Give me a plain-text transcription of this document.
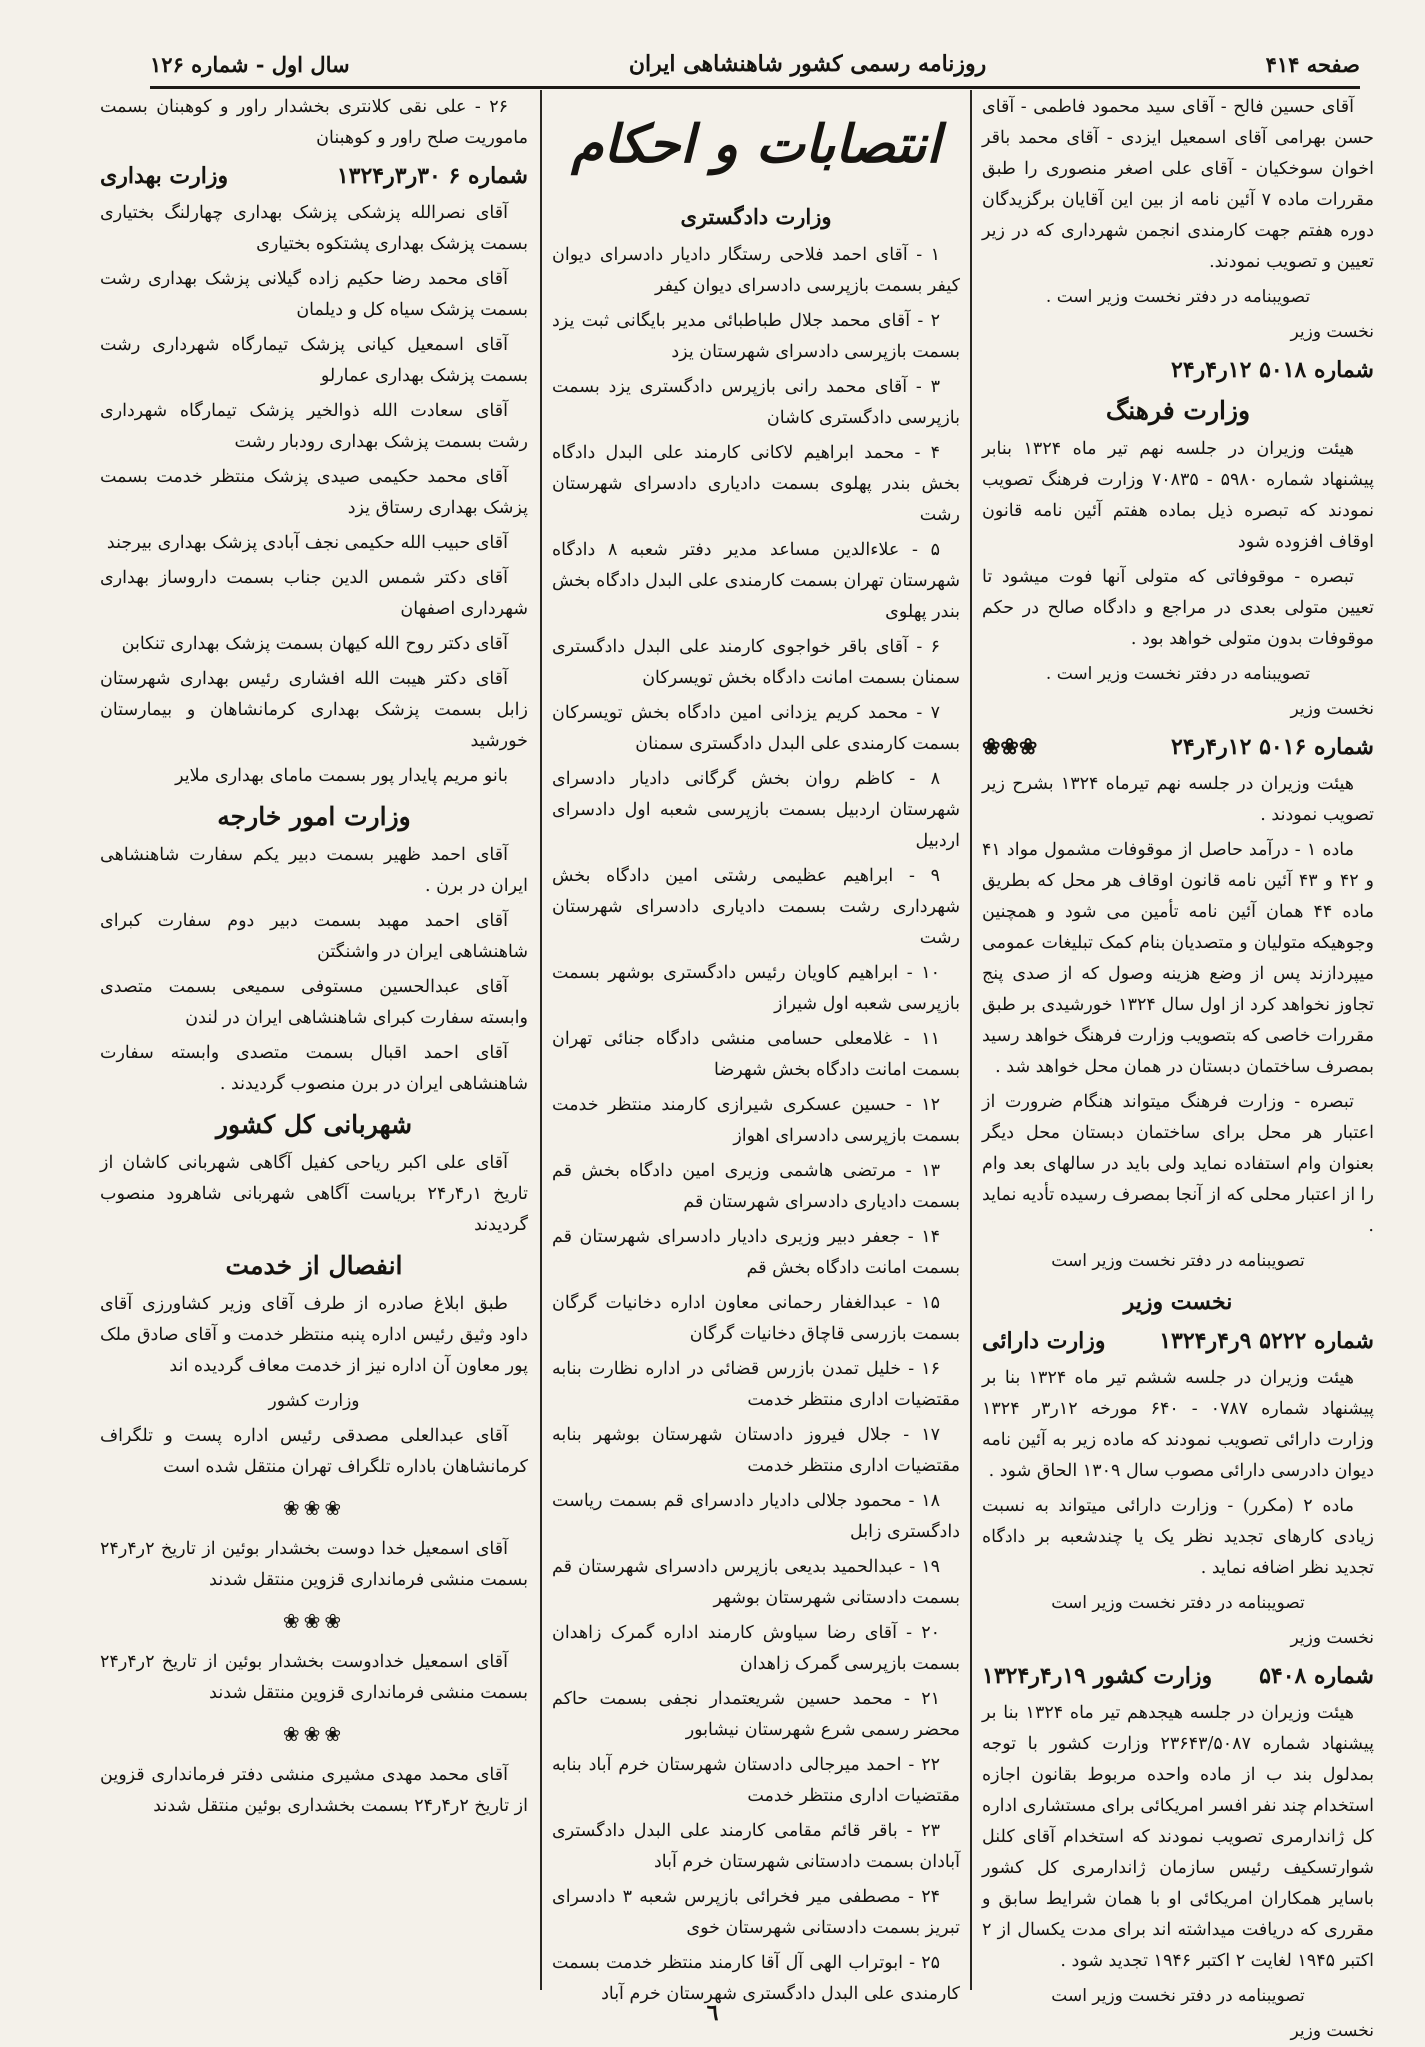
صفحه ۴۱۴
روزنامه رسمی کشور شاهنشاهی ایران
سال اول - شماره ۱۲۶

آقای حسین فالح - آقای سید محمود فاطمی - آقای حسن بهرامی آقای اسمعیل ایزدی - آقای محمد باقر اخوان سوخکیان - آقای علی اصغر منصوری را طبق مقررات ماده ۷ آئین نامه از بین این آقایان برگزیدگان دوره هفتم جهت کارمندی انجمن شهرداری که در زیر تعیین و تصویب نمودند.

تصویبنامه در دفتر نخست وزیر است .

نخست وزیر
شماره ۵۰۱۸ ۱۲ر۴ر۲۴
وزارت فرهنگ

هیئت وزیران در جلسه نهم تیر ماه ۱۳۲۴ بنابر پیشنهاد شماره ۵۹۸۰ - ۷۰۸۳۵ وزارت فرهنگ تصویب نمودند که تبصره ذیل بماده هفتم آئین نامه قانون اوقاف افزوده شود

تبصره - موقوفاتی که متولی آنها فوت میشود تا تعیین متولی بعدی در مراجع و دادگاه صالح در حکم موقوفات بدون متولی خواهد بود .

تصویبنامه در دفتر نخست وزیر است .

نخست وزیر
شماره ۵۰۱۶ ۱۲ر۴ر۲۴
❀❀❀

هیئت وزیران در جلسه نهم تیرماه ۱۳۲۴ بشرح زیر تصویب نمودند .

ماده ۱ - درآمد حاصل از موقوفات مشمول مواد ۴۱ و ۴۲ و ۴۳ آئین نامه قانون اوقاف هر محل که بطریق ماده ۴۴ همان آئین نامه تأمین می شود و همچنین وجوهیکه متولیان و متصدیان بنام کمک تبلیغات عمومی میپردازند پس از وضع هزینه وصول که از صدی پنج تجاوز نخواهد کرد از اول سال ۱۳۲۴ خورشیدی بر طبق مقررات خاصی که بتصویب وزارت فرهنگ خواهد رسید بمصرف ساختمان دبستان در همان محل خواهد شد .

تبصره - وزارت فرهنگ میتواند هنگام ضرورت از اعتبار هر محل برای ساختمان دبستان محل دیگر بعنوان وام استفاده نماید ولی باید در سالهای بعد وام را از اعتبار محلی که از آنجا بمصرف رسیده تأدیه نماید .

تصویبنامه در دفتر نخست وزیر است

نخست وزیر
شماره ۵۲۲۲ ۹ر۴ر۱۳۲۴
وزارت دارائی

هیئت وزیران در جلسه ششم تیر ماه ۱۳۲۴ بنا بر پیشنهاد شماره ۰۷۸۷ - ۶۴۰ مورخه ۱۲ر۳ر ۱۳۲۴ وزارت دارائی تصویب نمودند که ماده زیر به آئین نامه دیوان دادرسی دارائی مصوب سال ۱۳۰۹ الحاق شود .

ماده ۲ (مکرر) - وزارت دارائی میتواند به نسبت زیادی کارهای تجدید نظر یک یا چندشعبه بر دادگاه تجدید نظر اضافه نماید .

تصویبنامه در دفتر نخست وزیر است

نخست وزیر
شماره ۵۴۰۸
وزارت کشور ۱۹ر۴ر۱۳۲۴

هیئت وزیران در جلسه هیجدهم تیر ماه ۱۳۲۴ بنا بر پیشنهاد شماره ۲۳۶۴۳/۵۰۸۷ وزارت کشور با توجه بمدلول بند ب از ماده واحده مربوط بقانون اجازه استخدام چند نفر افسر امریکائی برای مستشاری اداره کل ژاندارمری تصویب نمودند که استخدام آقای کلنل شوارتسکیف رئیس سازمان ژاندارمری کل کشور باسایر همکاران امریکائی او با همان شرایط سابق و مقرری که دریافت میداشته اند برای مدت یکسال از ۲ اکتبر ۱۹۴۵ لغایت ۲ اکتبر ۱۹۴۶ تجدید شود .

تصویبنامه در دفتر نخست وزیر است

نخست وزیر
انتصابات و احکام
وزارت دادگستری

۱ - آقای احمد فلاحی رستگار دادیار دادسرای دیوان کیفر بسمت بازپرسی دادسرای دیوان کیفر

۲ - آقای محمد جلال طباطبائی مدیر بایگانی ثبت یزد بسمت بازپرسی دادسرای شهرستان یزد

۳ - آقای محمد رانی بازپرس دادگستری یزد بسمت بازپرسی دادگستری کاشان

۴ - محمد ابراهیم لاکانی کارمند علی البدل دادگاه بخش بندر پهلوی بسمت دادیاری دادسرای شهرستان رشت

۵ - علاءالدین مساعد مدیر دفتر شعبه ۸ دادگاه شهرستان تهران بسمت کارمندی علی البدل دادگاه بخش بندر پهلوی

۶ - آقای باقر خواجوی کارمند علی البدل دادگستری سمنان بسمت امانت دادگاه بخش تویسرکان

۷ - محمد کریم یزدانی امین دادگاه بخش تویسرکان بسمت کارمندی علی البدل دادگستری سمنان

۸ - کاظم روان بخش گرگانی دادیار دادسرای شهرستان اردبیل بسمت بازپرسی شعبه اول دادسرای اردبیل

۹ - ابراهیم عظیمی رشتی امین دادگاه بخش شهرداری رشت بسمت دادیاری دادسرای شهرستان رشت

۱۰ - ابراهیم کاویان رئیس دادگستری بوشهر بسمت بازپرسی شعبه اول شیراز

۱۱ - غلامعلی حسامی منشی دادگاه جنائی تهران بسمت امانت دادگاه بخش شهرضا

۱۲ - حسین عسکری شیرازی کارمند منتظر خدمت بسمت بازپرسی دادسرای اهواز

۱۳ - مرتضی هاشمی وزیری امین دادگاه بخش قم بسمت دادیاری دادسرای شهرستان قم

۱۴ - جعفر دبیر وزیری دادیار دادسرای شهرستان قم بسمت امانت دادگاه بخش قم

۱۵ - عبدالغفار رحمانی معاون اداره دخانیات گرگان بسمت بازرسی قاچاق دخانیات گرگان

۱۶ - خلیل تمدن بازرس قضائی در اداره نظارت بنابه مقتضیات اداری منتظر خدمت

۱۷ - جلال فیروز دادستان شهرستان بوشهر بنابه مقتضیات اداری منتظر خدمت

۱۸ - محمود جلالی دادیار دادسرای قم بسمت ریاست دادگستری زابل

۱۹ - عبدالحمید بدیعی بازپرس دادسرای شهرستان قم بسمت دادستانی شهرستان بوشهر

۲۰ - آقای رضا سیاوش کارمند اداره گمرک زاهدان بسمت بازپرسی گمرک زاهدان

۲۱ - محمد حسین شریعتمدار نجفی بسمت حاکم محضر رسمی شرع شهرستان نیشابور

۲۲ - احمد میرجالی دادستان شهرستان خرم آباد بنابه مقتضیات اداری منتظر خدمت

۲۳ - باقر قائم مقامی کارمند علی البدل دادگستری آبادان بسمت دادستانی شهرستان خرم آباد

۲۴ - مصطفی میر فخرائی بازپرس شعبه ۳ دادسرای تبریز بسمت دادستانی شهرستان خوی

۲۵ - ابوتراب الهی آل آقا کارمند منتظر خدمت بسمت کارمندی علی البدل دادگستری شهرستان خرم آباد

۲۶ - علی نقی کلانتری بخشدار راور و کوهبنان بسمت ماموریت صلح راور و کوهبنان

شماره ۶ ۳۰ر۳ر۱۳۲۴
وزارت بهداری

آقای نصرالله پزشکی پزشک بهداری چهارلنگ بختیاری بسمت پزشک بهداری پشتکوه بختیاری

آقای محمد رضا حکیم زاده گیلانی پزشک بهداری رشت بسمت پزشک سیاه کل و دیلمان

آقای اسمعیل کیانی پزشک تیمارگاه شهرداری رشت بسمت پزشک بهداری عمارلو

آقای سعادت الله ذوالخیر پزشک تیمارگاه شهرداری رشت بسمت پزشک بهداری رودبار رشت

آقای محمد حکیمی صیدی پزشک منتظر خدمت بسمت پزشک بهداری رستاق یزد

آقای حبیب الله حکیمی نجف آبادی پزشک بهداری بیرجند

آقای دکتر شمس الدین جناب بسمت داروساز بهداری شهرداری اصفهان

آقای دکتر روح الله کیهان بسمت پزشک بهداری تنکابن

آقای دکتر هیبت الله افشاری رئیس بهداری شهرستان زابل بسمت پزشک بهداری کرمانشاهان و بیمارستان خورشید

بانو مریم پایدار پور بسمت مامای بهداری ملایر

وزارت امور خارجه

آقای احمد ظهیر بسمت دبیر یکم سفارت شاهنشاهی ایران در برن .

آقای احمد مهبد بسمت دبیر دوم سفارت کبرای شاهنشاهی ایران در واشنگتن

آقای عبدالحسین مستوفی سمیعی بسمت متصدی وابسته سفارت کبرای شاهنشاهی ایران در لندن

آقای احمد اقبال بسمت متصدی وابسته سفارت شاهنشاهی ایران در برن منصوب گردیدند .

شهربانی کل کشور

آقای علی اکبر ریاحی کفیل آگاهی شهربانی کاشان از تاریخ ۱ر۴ر۲۴ بریاست آگاهی شهربانی شاهرود منصوب گردیدند

انفصال از خدمت

طبق ابلاغ صادره از طرف آقای وزیر کشاورزی آقای داود وثیق رئیس اداره پنبه منتظر خدمت و آقای صادق ملک پور معاون آن اداره نیز از خدمت معاف گردیده اند

وزارت کشور

آقای عبدالعلی مصدقی رئیس اداره پست و تلگراف کرمانشاهان باداره تلگراف تهران منتقل شده است

❀❀❀

آقای اسمعیل خدا دوست بخشدار بوئین از تاریخ ۲ر۴ر۲۴ بسمت منشی فرمانداری قزوین منتقل شدند

❀❀❀

آقای اسمعیل خدادوست بخشدار بوئین از تاریخ ۲ر۴ر۲۴ بسمت منشی فرمانداری قزوین منتقل شدند

❀❀❀

آقای محمد مهدی مشیری منشی دفتر فرمانداری قزوین از تاریخ ۲ر۴ر۲۴ بسمت بخشداری بوئین منتقل شدند

٦
